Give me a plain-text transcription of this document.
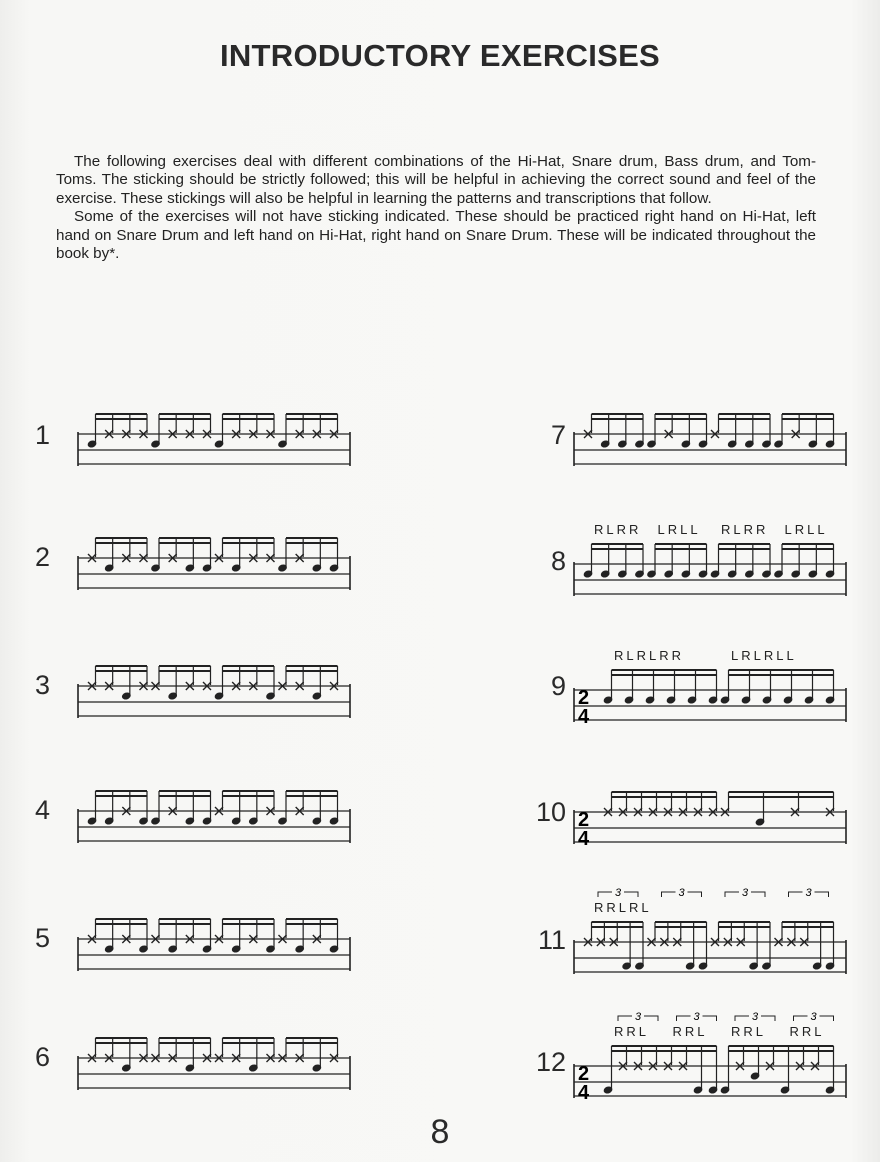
INTRODUCTORY EXERCISES

The following exercises deal with different combinations of the Hi-Hat, Snare drum, Bass drum, and Tom-Toms. The sticking should be strictly followed; this will be helpful in achieving the correct sound and feel of the exercise. These stickings will also be helpful in learning the patterns and transcriptions that follow.

Some of the exercises will not have sticking indicated. These should be practiced right hand on Hi-Hat, left hand on Snare Drum and left hand on Hi-Hat, right hand on Snare Drum. These will be indicated throughout the book by*.

1
2
3
4
5
6
7
8
9
10
11
12
RLRR LRLL RLRR LRLL
2
4
RLRLRR	LRLRLL
2
4
RRLRL
3	3	3	3
2
4
RRL RRL RRL RRL
3	3	3	3
8
